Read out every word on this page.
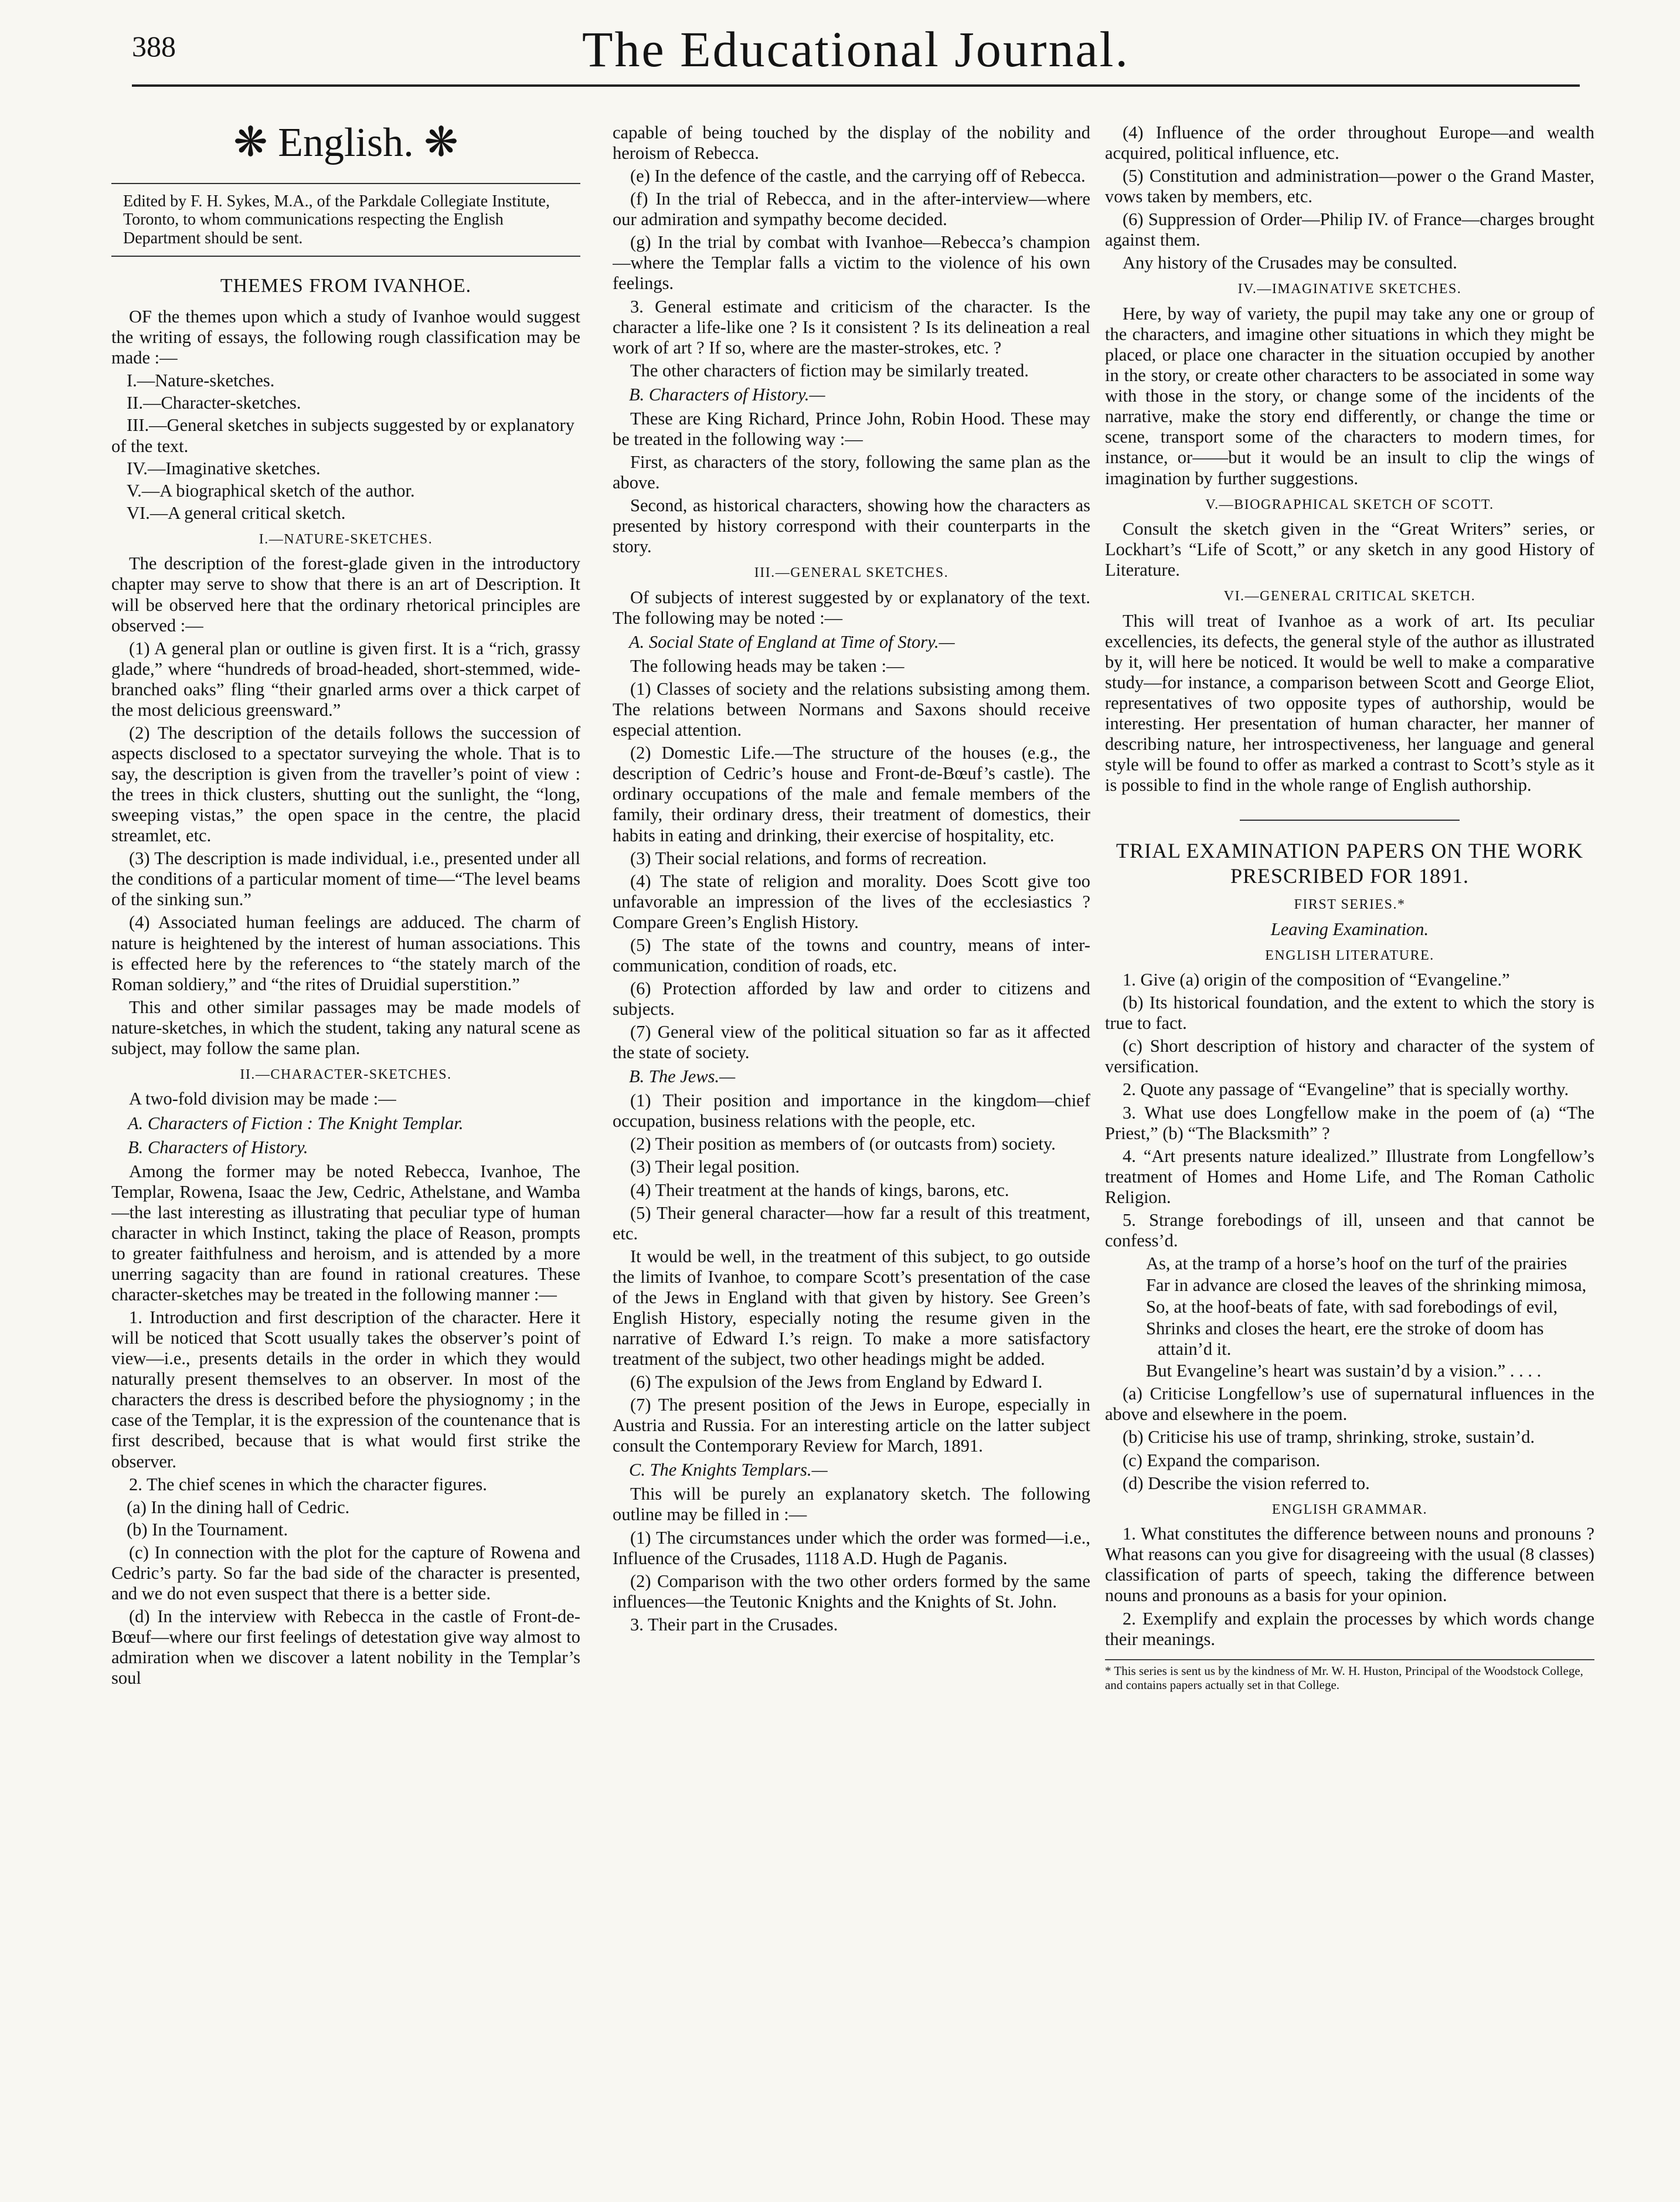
388	The Educational Journal.
❋ English. ❋
Edited by F. H. Sykes, M.A., of the Parkdale Collegiate Institute, Toronto, to whom communications respecting the English Department should be sent.
THEMES FROM IVANHOE.
OF the themes upon which a study of Ivanhoe would suggest the writing of essays, the following rough classification may be made :—
I.—Nature-sketches.
II.—Character-sketches.
III.—General sketches in subjects suggested by or explanatory of the text.
IV.—Imaginative sketches.
V.—A biographical sketch of the author.
VI.—A general critical sketch.
I.—NATURE-SKETCHES.
The description of the forest-glade given in the introductory chapter may serve to show that there is an art of Description. It will be observed here that the ordinary rhetorical principles are observed :—
(1) A general plan or outline is given first. It is a “rich, grassy glade,” where “hundreds of broad-headed, short-stemmed, wide-branched oaks” fling “their gnarled arms over a thick carpet of the most delicious greensward.”
(2) The description of the details follows the succession of aspects disclosed to a spectator surveying the whole. That is to say, the description is given from the traveller’s point of view : the trees in thick clusters, shutting out the sunlight, the “long, sweeping vistas,” the open space in the centre, the placid streamlet, etc.
(3) The description is made individual, i.e., presented under all the conditions of a particular moment of time—“The level beams of the sinking sun.”
(4) Associated human feelings are adduced. The charm of nature is heightened by the interest of human associations. This is effected here by the references to “the stately march of the Roman soldiery,” and “the rites of Druidial superstition.”
This and other similar passages may be made models of nature-sketches, in which the student, taking any natural scene as subject, may follow the same plan.
II.—CHARACTER-SKETCHES.
A two-fold division may be made :—
A. Characters of Fiction : The Knight Templar.
B. Characters of History.
Among the former may be noted Rebecca, Ivanhoe, The Templar, Rowena, Isaac the Jew, Cedric, Athelstane, and Wamba—the last interesting as illustrating that peculiar type of human character in which Instinct, taking the place of Reason, prompts to greater faithfulness and heroism, and is attended by a more unerring sagacity than are found in rational creatures. These character-sketches may be treated in the following manner :—
1. Introduction and first description of the character. Here it will be noticed that Scott usually takes the observer’s point of view—i.e., presents details in the order in which they would naturally present themselves to an observer. In most of the characters the dress is described before the physiognomy ; in the case of the Templar, it is the expression of the countenance that is first described, because that is what would first strike the observer.
2. The chief scenes in which the character figures.
(a) In the dining hall of Cedric.
(b) In the Tournament.
(c) In connection with the plot for the capture of Rowena and Cedric’s party. So far the bad side of the character is presented, and we do not even suspect that there is a better side.
(d) In the interview with Rebecca in the castle of Front-de-Bœuf—where our first feelings of detestation give way almost to admiration when we discover a latent nobility in the Templar’s soul
capable of being touched by the display of the nobility and heroism of Rebecca.
(e) In the defence of the castle, and the carrying off of Rebecca.
(f) In the trial of Rebecca, and in the after-interview—where our admiration and sympathy become decided.
(g) In the trial by combat with Ivanhoe—Rebecca’s champion—where the Templar falls a victim to the violence of his own feelings.
3. General estimate and criticism of the character. Is the character a life-like one ? Is it consistent ? Is its delineation a real work of art ? If so, where are the master-strokes, etc. ?
The other characters of fiction may be similarly treated.
B. Characters of History.—
These are King Richard, Prince John, Robin Hood. These may be treated in the following way :—
First, as characters of the story, following the same plan as the above.
Second, as historical characters, showing how the characters as presented by history correspond with their counterparts in the story.
III.—GENERAL SKETCHES.
Of subjects of interest suggested by or explanatory of the text. The following may be noted :—
A. Social State of England at Time of Story.—
The following heads may be taken :—
(1) Classes of society and the relations subsisting among them. The relations between Normans and Saxons should receive especial attention.
(2) Domestic Life.—The structure of the houses (e.g., the description of Cedric’s house and Front-de-Bœuf’s castle). The ordinary occupations of the male and female members of the family, their ordinary dress, their treatment of domestics, their habits in eating and drinking, their exercise of hospitality, etc.
(3) Their social relations, and forms of recreation.
(4) The state of religion and morality. Does Scott give too unfavorable an impression of the lives of the ecclesiastics ? Compare Green’s English History.
(5) The state of the towns and country, means of inter-communication, condition of roads, etc.
(6) Protection afforded by law and order to citizens and subjects.
(7) General view of the political situation so far as it affected the state of society.
B. The Jews.—
(1) Their position and importance in the kingdom—chief occupation, business relations with the people, etc.
(2) Their position as members of (or outcasts from) society.
(3) Their legal position.
(4) Their treatment at the hands of kings, barons, etc.
(5) Their general character—how far a result of this treatment, etc.
It would be well, in the treatment of this subject, to go outside the limits of Ivanhoe, to compare Scott’s presentation of the case of the Jews in England with that given by history. See Green’s English History, especially noting the resume given in the narrative of Edward I.’s reign. To make a more satisfactory treatment of the subject, two other headings might be added.
(6) The expulsion of the Jews from England by Edward I.
(7) The present position of the Jews in Europe, especially in Austria and Russia. For an interesting article on the latter subject consult the Contemporary Review for March, 1891.
C. The Knights Templars.—
This will be purely an explanatory sketch. The following outline may be filled in :—
(1) The circumstances under which the order was formed—i.e., Influence of the Crusades, 1118 A.D. Hugh de Paganis.
(2) Comparison with the two other orders formed by the same influences—the Teutonic Knights and the Knights of St. John.
3. Their part in the Crusades.
(4) Influence of the order throughout Europe—and wealth acquired, political influence, etc.
(5) Constitution and administration—power o the Grand Master, vows taken by members, etc.
(6) Suppression of Order—Philip IV. of France—charges brought against them.
Any history of the Crusades may be consulted.
IV.—IMAGINATIVE SKETCHES.
Here, by way of variety, the pupil may take any one or group of the characters, and imagine other situations in which they might be placed, or place one character in the situation occupied by another in the story, or create other characters to be associated in some way with those in the story, or change some of the incidents of the narrative, make the story end differently, or change the time or scene, transport some of the characters to modern times, for instance, or——but it would be an insult to clip the wings of imagination by further suggestions.
V.—BIOGRAPHICAL SKETCH OF SCOTT.
Consult the sketch given in the “Great Writers” series, or Lockhart’s “Life of Scott,” or any sketch in any good History of Literature.
VI.—GENERAL CRITICAL SKETCH.
This will treat of Ivanhoe as a work of art. Its peculiar excellencies, its defects, the general style of the author as illustrated by it, will here be noticed. It would be well to make a comparative study—for instance, a comparison between Scott and George Eliot, representatives of two opposite types of authorship, would be interesting. Her presentation of human character, her manner of describing nature, her introspectiveness, her language and general style will be found to offer as marked a contrast to Scott’s style as it is possible to find in the whole range of English authorship.
TRIAL EXAMINATION PAPERS ON THE WORK PRESCRIBED FOR 1891.
FIRST SERIES.*
Leaving Examination.
ENGLISH LITERATURE.
1. Give (a) origin of the composition of “Evangeline.”
(b) Its historical foundation, and the extent to which the story is true to fact.
(c) Short description of history and character of the system of versification.
2. Quote any passage of “Evangeline” that is specially worthy.
3. What use does Longfellow make in the poem of (a) “The Priest,” (b) “The Blacksmith” ?
4. “Art presents nature idealized.” Illustrate from Longfellow’s treatment of Homes and Home Life, and The Roman Catholic Religion.
5. Strange forebodings of ill, unseen and that cannot be confess’d.
As, at the tramp of a horse’s hoof on the turf of the prairies
Far in advance are closed the leaves of the shrinking mimosa,
So, at the hoof-beats of fate, with sad forebodings of evil,
Shrinks and closes the heart, ere the stroke of doom has attain’d it.
But Evangeline’s heart was sustain’d by a vision.” . . . .
(a) Criticise Longfellow’s use of supernatural influences in the above and elsewhere in the poem.
(b) Criticise his use of tramp, shrinking, stroke, sustain’d.
(c) Expand the comparison.
(d) Describe the vision referred to.
ENGLISH GRAMMAR.
1. What constitutes the difference between nouns and pronouns ? What reasons can you give for disagreeing with the usual (8 classes) classification of parts of speech, taking the difference between nouns and pronouns as a basis for your opinion.
2. Exemplify and explain the processes by which words change their meanings.
* This series is sent us by the kindness of Mr. W. H. Huston, Principal of the Woodstock College, and contains papers actually set in that College.
